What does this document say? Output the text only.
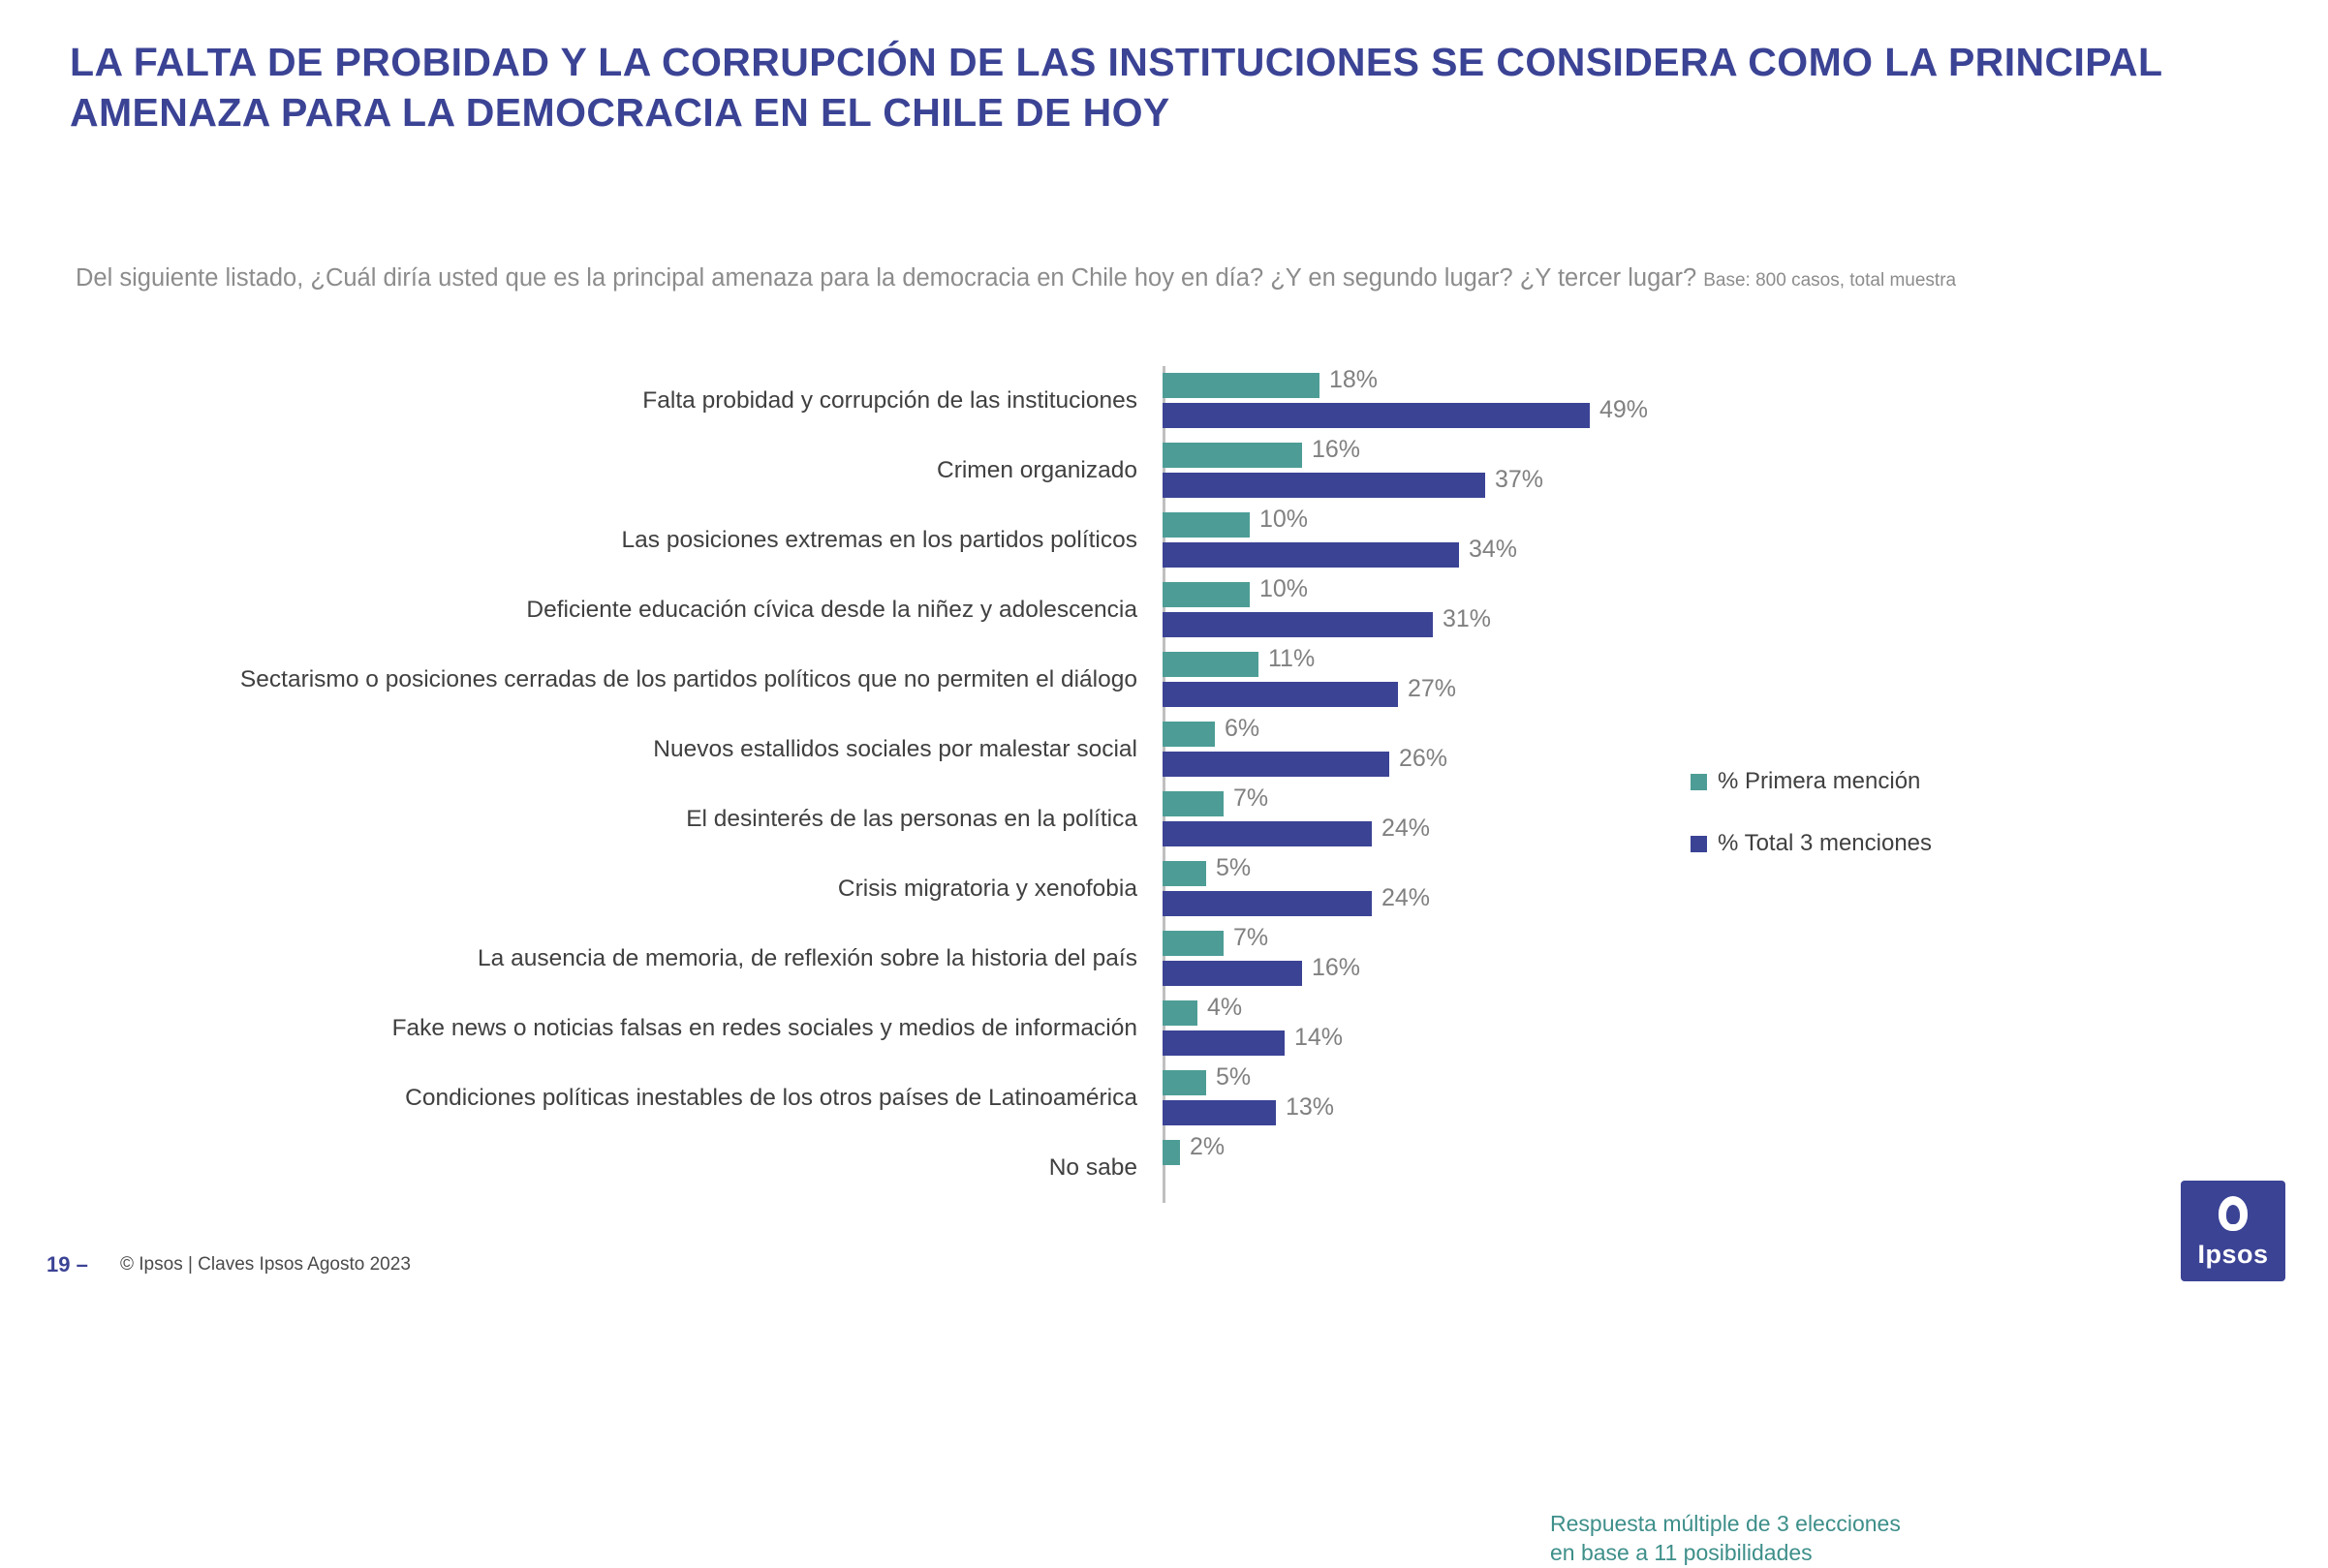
LA FALTA DE PROBIDAD Y LA CORRUPCIÓN DE LAS INSTITUCIONES SE CONSIDERA COMO LA PRINCIPAL AMENAZA PARA LA DEMOCRACIA EN EL CHILE DE HOY
Del siguiente listado, ¿Cuál diría usted que es la principal amenaza para la democracia en Chile hoy en día? ¿Y en segundo lugar? ¿Y tercer lugar? Base: 800 casos, total muestra
Falta probidad y corrupción de las instituciones
18%
49%
Crimen organizado
16%
37%
Las posiciones extremas en los partidos políticos
10%
34%
Deficiente educación cívica desde la niñez y adolescencia
10%
31%
Sectarismo o posiciones cerradas de los partidos políticos que no permiten el diálogo
11%
27%
Nuevos estallidos sociales por malestar social
6%
26%
El desinterés de las personas en la política
7%
24%
Crisis migratoria y xenofobia
5%
24%
La ausencia de memoria, de reflexión sobre la historia del país
7%
16%
Fake news o noticias falsas en redes sociales y medios de información
4%
14%
Condiciones políticas inestables de los otros países de Latinoamérica
5%
13%
No sabe
2%
% Primera mención
% Total 3 menciones
Respuesta múltiple de 3 elecciones
en base a 11 posibilidades
19 – © Ipsos | Claves Ipsos Agosto 2023	Ipsos
